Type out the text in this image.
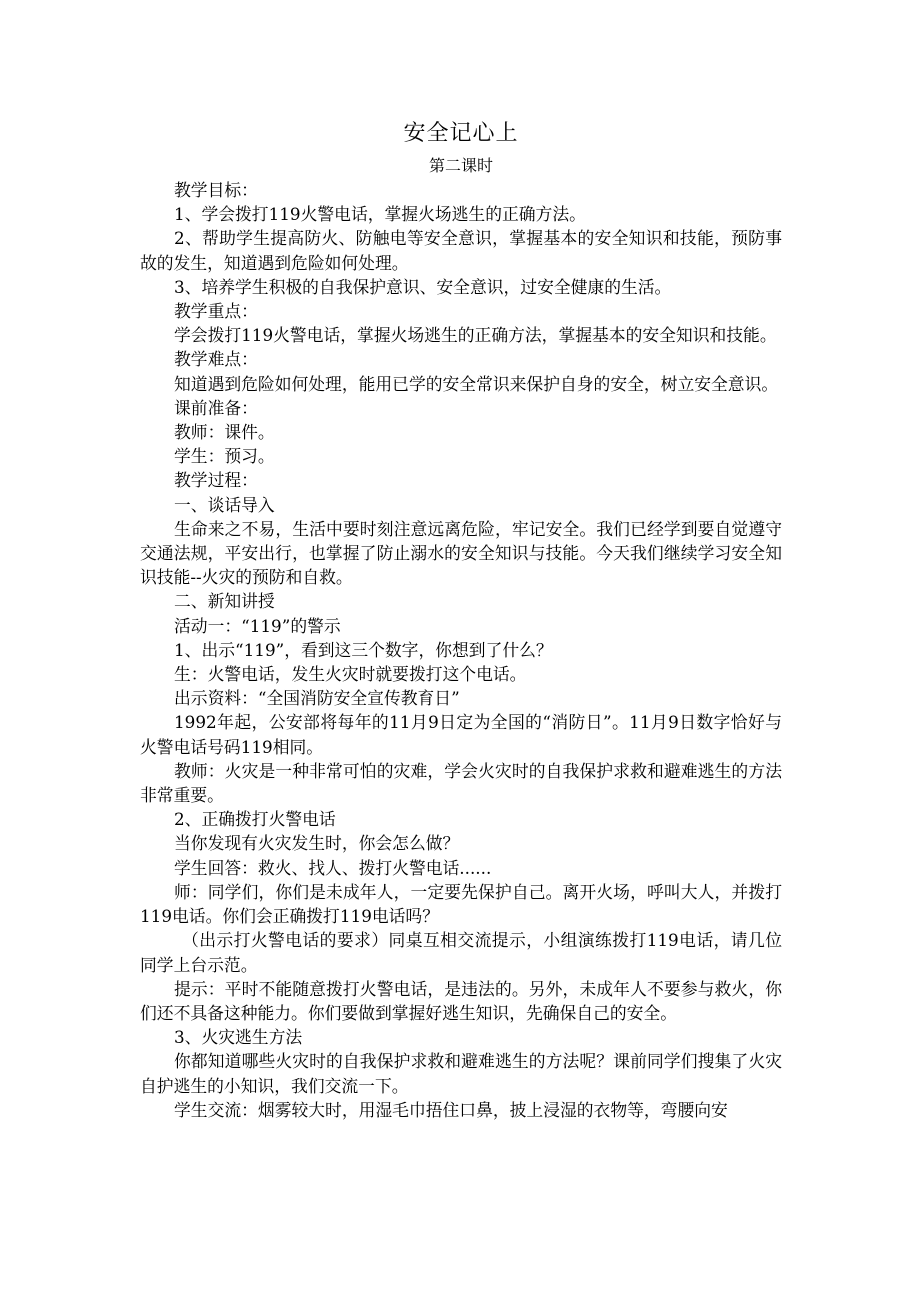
安全记心上
第二课时

教学目标：

1、学会拨打119火警电话，掌握火场逃生的正确方法。

2、帮助学生提高防火、防触电等安全意识，掌握基本的安全知识和技能，预防事故的发生，知道遇到危险如何处理。

3、培养学生积极的自我保护意识、安全意识，过安全健康的生活。

教学重点：

学会拨打119火警电话，掌握火场逃生的正确方法，掌握基本的安全知识和技能。

教学难点：

知道遇到危险如何处理，能用已学的安全常识来保护自身的安全，树立安全意识。

课前准备：

教师：课件。

学生：预习。

教学过程：

一、谈话导入

生命来之不易，生活中要时刻注意远离危险，牢记安全。我们已经学到要自觉遵守交通法规，平安出行，也掌握了防止溺水的安全知识与技能。今天我们继续学习安全知识技能--火灾的预防和自救。

二、新知讲授

活动一：“119”的警示

1、出示“119”，看到这三个数字，你想到了什么？

生：火警电话，发生火灾时就要拨打这个电话。

出示资料：“全国消防安全宣传教育日”

1992年起，公安部将每年的11月9日定为全国的“消防日”。11月9日数字恰好与火警电话号码119相同。

教师：火灾是一种非常可怕的灾难，学会火灾时的自我保护求救和避难逃生的方法非常重要。

2、正确拨打火警电话

当你发现有火灾发生时，你会怎么做？

学生回答：救火、找人、拨打火警电话......

师：同学们，你们是未成年人，一定要先保护自己。离开火场，呼叫大人，并拨打119电话。你们会正确拨打119电话吗？

（出示打火警电话的要求）同桌互相交流提示，小组演练拨打119电话，请几位同学上台示范。

提示：平时不能随意拨打火警电话，是违法的。另外，未成年人不要参与救火，你们还不具备这种能力。你们要做到掌握好逃生知识，先确保自己的安全。

3、火灾逃生方法

你都知道哪些火灾时的自我保护求救和避难逃生的方法呢？课前同学们搜集了火灾自护逃生的小知识，我们交流一下。

学生交流：烟雾较大时，用湿毛巾捂住口鼻，披上浸湿的衣物等，弯腰向安
